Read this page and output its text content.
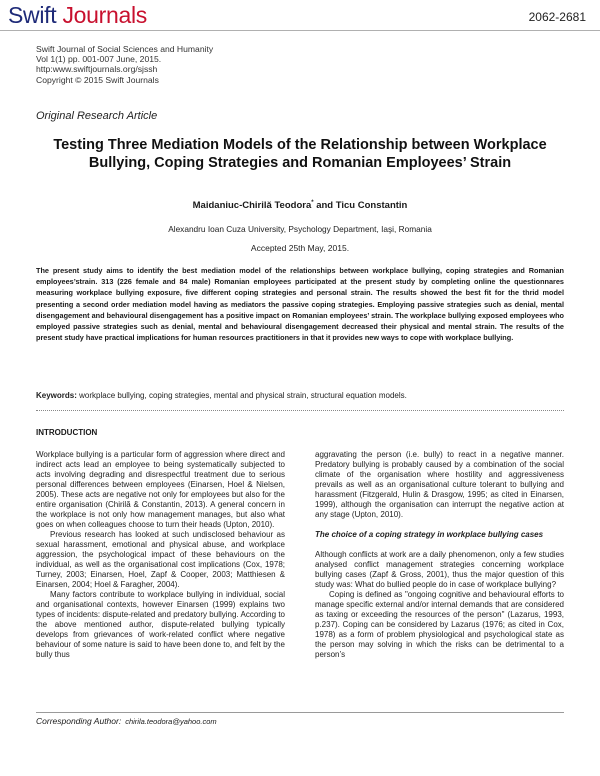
Swift Journals	2062-2681
Swift Journal of Social Sciences and Humanity
Vol 1(1) pp. 001-007 June, 2015.
http:www.swiftjournals.org/sjssh
Copyright © 2015 Swift Journals
Original Research Article
Testing Three Mediation Models of the Relationship between Workplace Bullying, Coping Strategies and Romanian Employees’ Strain
Maidaniuc-Chirilă Teodora* and Ticu Constantin
Alexandru Ioan Cuza University, Psychology Department, Iaşi, Romania
Accepted 25th May, 2015.
The present study aims to identify the best mediation model of the relationships between workplace bullying, coping strategies and Romanian employees’strain. 313 (226 female and 84 male) Romanian employees participated at the present study by completing online the questionnares measuring workplace bullying exposure, five different coping strategies and personal strain. The results showed the best fit for the thrid model presenting a second order mediation model having as mediators the passive coping strategies. Employing passive strategies such as denial, mental disengagement and behavioural disengagement has a positive impact on Romanian employees’ strain. The workplace bullying exposed employees who employed passive strategies such as denial, mental and behavioural disengagement decreased their physical and mental strain. The results of the present study have practical implications for human resources practitioners in that it provides new ways to cope with workplace bullying.
Keywords: workplace bullying, coping strategies, mental and physical strain, structural equation models.
INTRODUCTION

Workplace bullying is a particular form of aggression where direct and indirect acts lead an employee to being systematically subjected to acts involving degrading and disrespectful treatment due to serious personal differences between employees (Einarsen, Hoel & Nielsen, 2005). These acts are negative not only for employees but also for the entire organisation (Chirilă & Constantin, 2013). A general concern in the workplace is not only how management manages, but also what goes on when colleagues choose to turn their heads (Upton, 2010).

Previous research has looked at such undisclosed behaviour as sexual harassment, emotional and physical abuse, and workplace aggression, the psychological impact of these behaviours on the individual, as well as the organisational cost implications (Cox, 1978; Turney, 2003; Einarsen, Hoel, Zapf & Cooper, 2003; Matthiesen & Einarsen, 2004; Hoel & Faragher, 2004).

Many factors contribute to workplace bullying in individual, social and organisational contexts, however Einarsen (1999) explains two types of incidents: dispute-related and predatory bullying. According to the above mentioned author, dispute-related bullying typically develops from grievances of work-related conflict where negative behaviour of some nature is said to have been done to, and felt by the bully thus

aggravating the person (i.e. bully) to react in a negative manner. Predatory bullying is probably caused by a combination of the social climate of the organisation where hostility and aggressiveness prevails as well as an organisational culture tolerant to bullying and harassment (Fitzgerald, Hulin & Drasgow, 1995; as cited in Einarsen, 1999), although the organisation can interrupt the negative action at any stage (Upton, 2010).

The choice of a coping strategy in workplace bullying cases

Although conflicts at work are a daily phenomenon, only a few studies analysed conflict management strategies concerning workplace bullying cases (Zapf & Gross, 2001), thus the major question of this study was: What do bullied people do in case of workplace bullying?

Coping is defined as "ongoing cognitive and behavioural efforts to manage specific external and/or internal demands that are considered as taxing or exceeding the resources of the person" (Lazarus, 1993, p.237). Coping can be considered by Lazarus (1976; as cited in Cox, 1978) as a form of problem physiological and psychological state as the person may solving in which the risks can be detrimental to a person’s

Corresponding Author: chirila.teodora@yahoo.com
